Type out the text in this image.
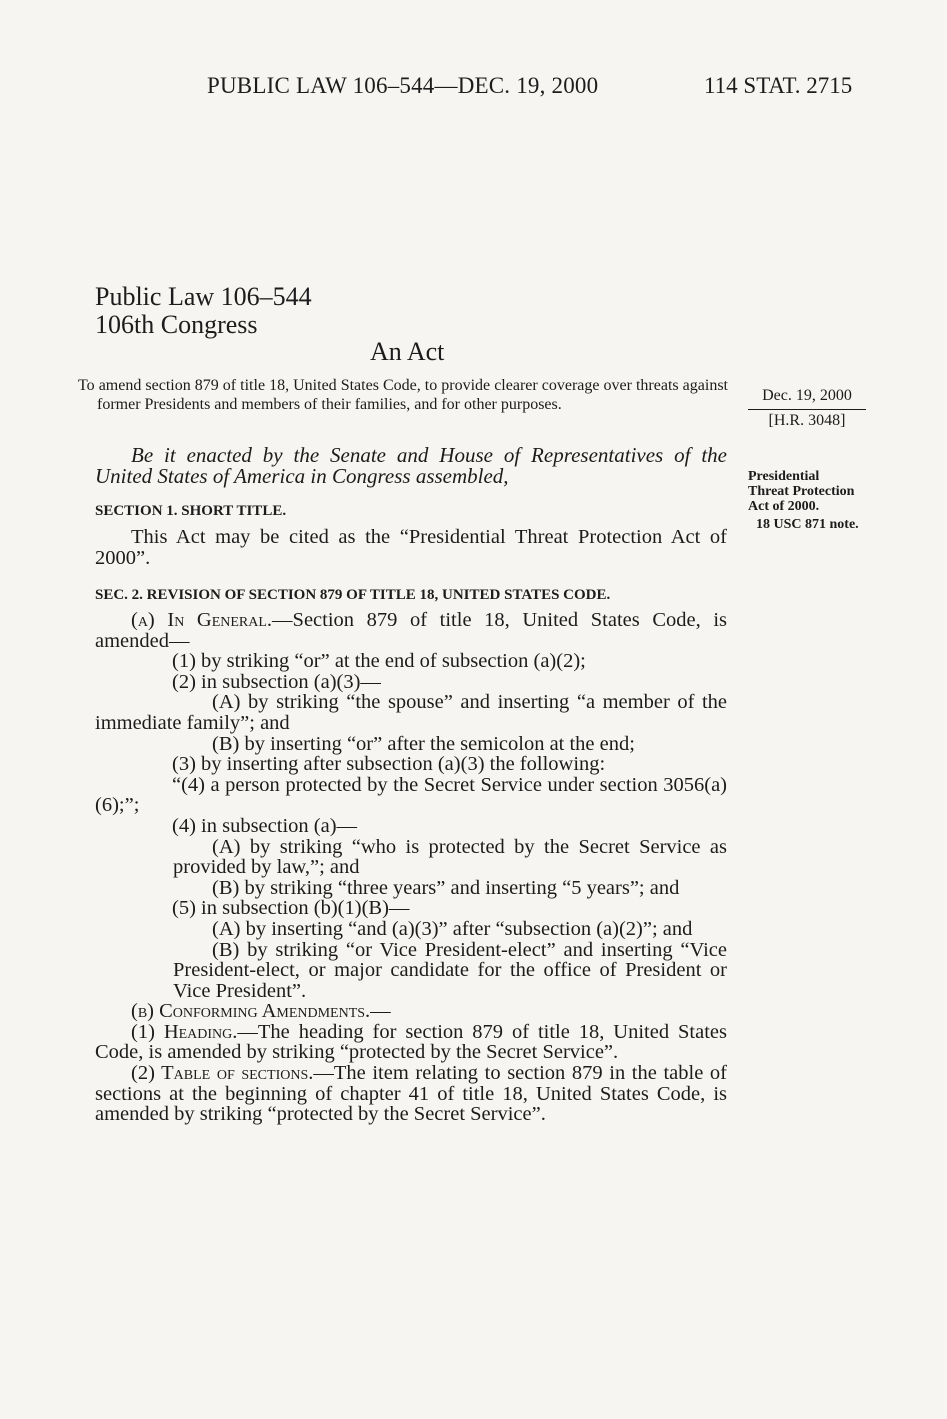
PUBLIC LAW 106–544—DEC. 19, 2000	114 STAT. 2715
Public Law 106–544
106th Congress
An Act
To amend section 879 of title 18, United States Code, to provide clearer coverage over threats against former Presidents and members of their families, and for other purposes.
Dec. 19, 2000
[H.R. 3048]
Be it enacted by the Senate and House of Representatives of the United States of America in Congress assembled,	Presidential
Threat Protection
Act of 2000.
18 USC 871 note.
SECTION 1. SHORT TITLE.
This Act may be cited as the “Presidential Threat Protection Act of 2000”.
SEC. 2. REVISION OF SECTION 879 OF TITLE 18, UNITED STATES CODE.

(a) In General.—Section 879 of title 18, United States Code, is amended—

(1) by striking “or” at the end of subsection (a)(2);

(2) in subsection (a)(3)—

(A) by striking “the spouse” and inserting “a member of the immediate family”; and

(B) by inserting “or” after the semicolon at the end;

(3) by inserting after subsection (a)(3) the following:

“(4) a person protected by the Secret Service under section 3056(a)(6);”;

(4) in subsection (a)—

(A) by striking “who is protected by the Secret Service as provided by law,”; and

(B) by striking “three years” and inserting “5 years”; and

(5) in subsection (b)(1)(B)—

(A) by inserting “and (a)(3)” after “subsection (a)(2)”; and

(B) by striking “or Vice President-elect” and inserting “Vice President-elect, or major candidate for the office of President or Vice President”.

(b) Conforming Amendments.—

(1) Heading.—The heading for section 879 of title 18, United States Code, is amended by striking “protected by the Secret Service”.

(2) Table of sections.—The item relating to section 879 in the table of sections at the beginning of chapter 41 of title 18, United States Code, is amended by striking “protected by the Secret Service”.
